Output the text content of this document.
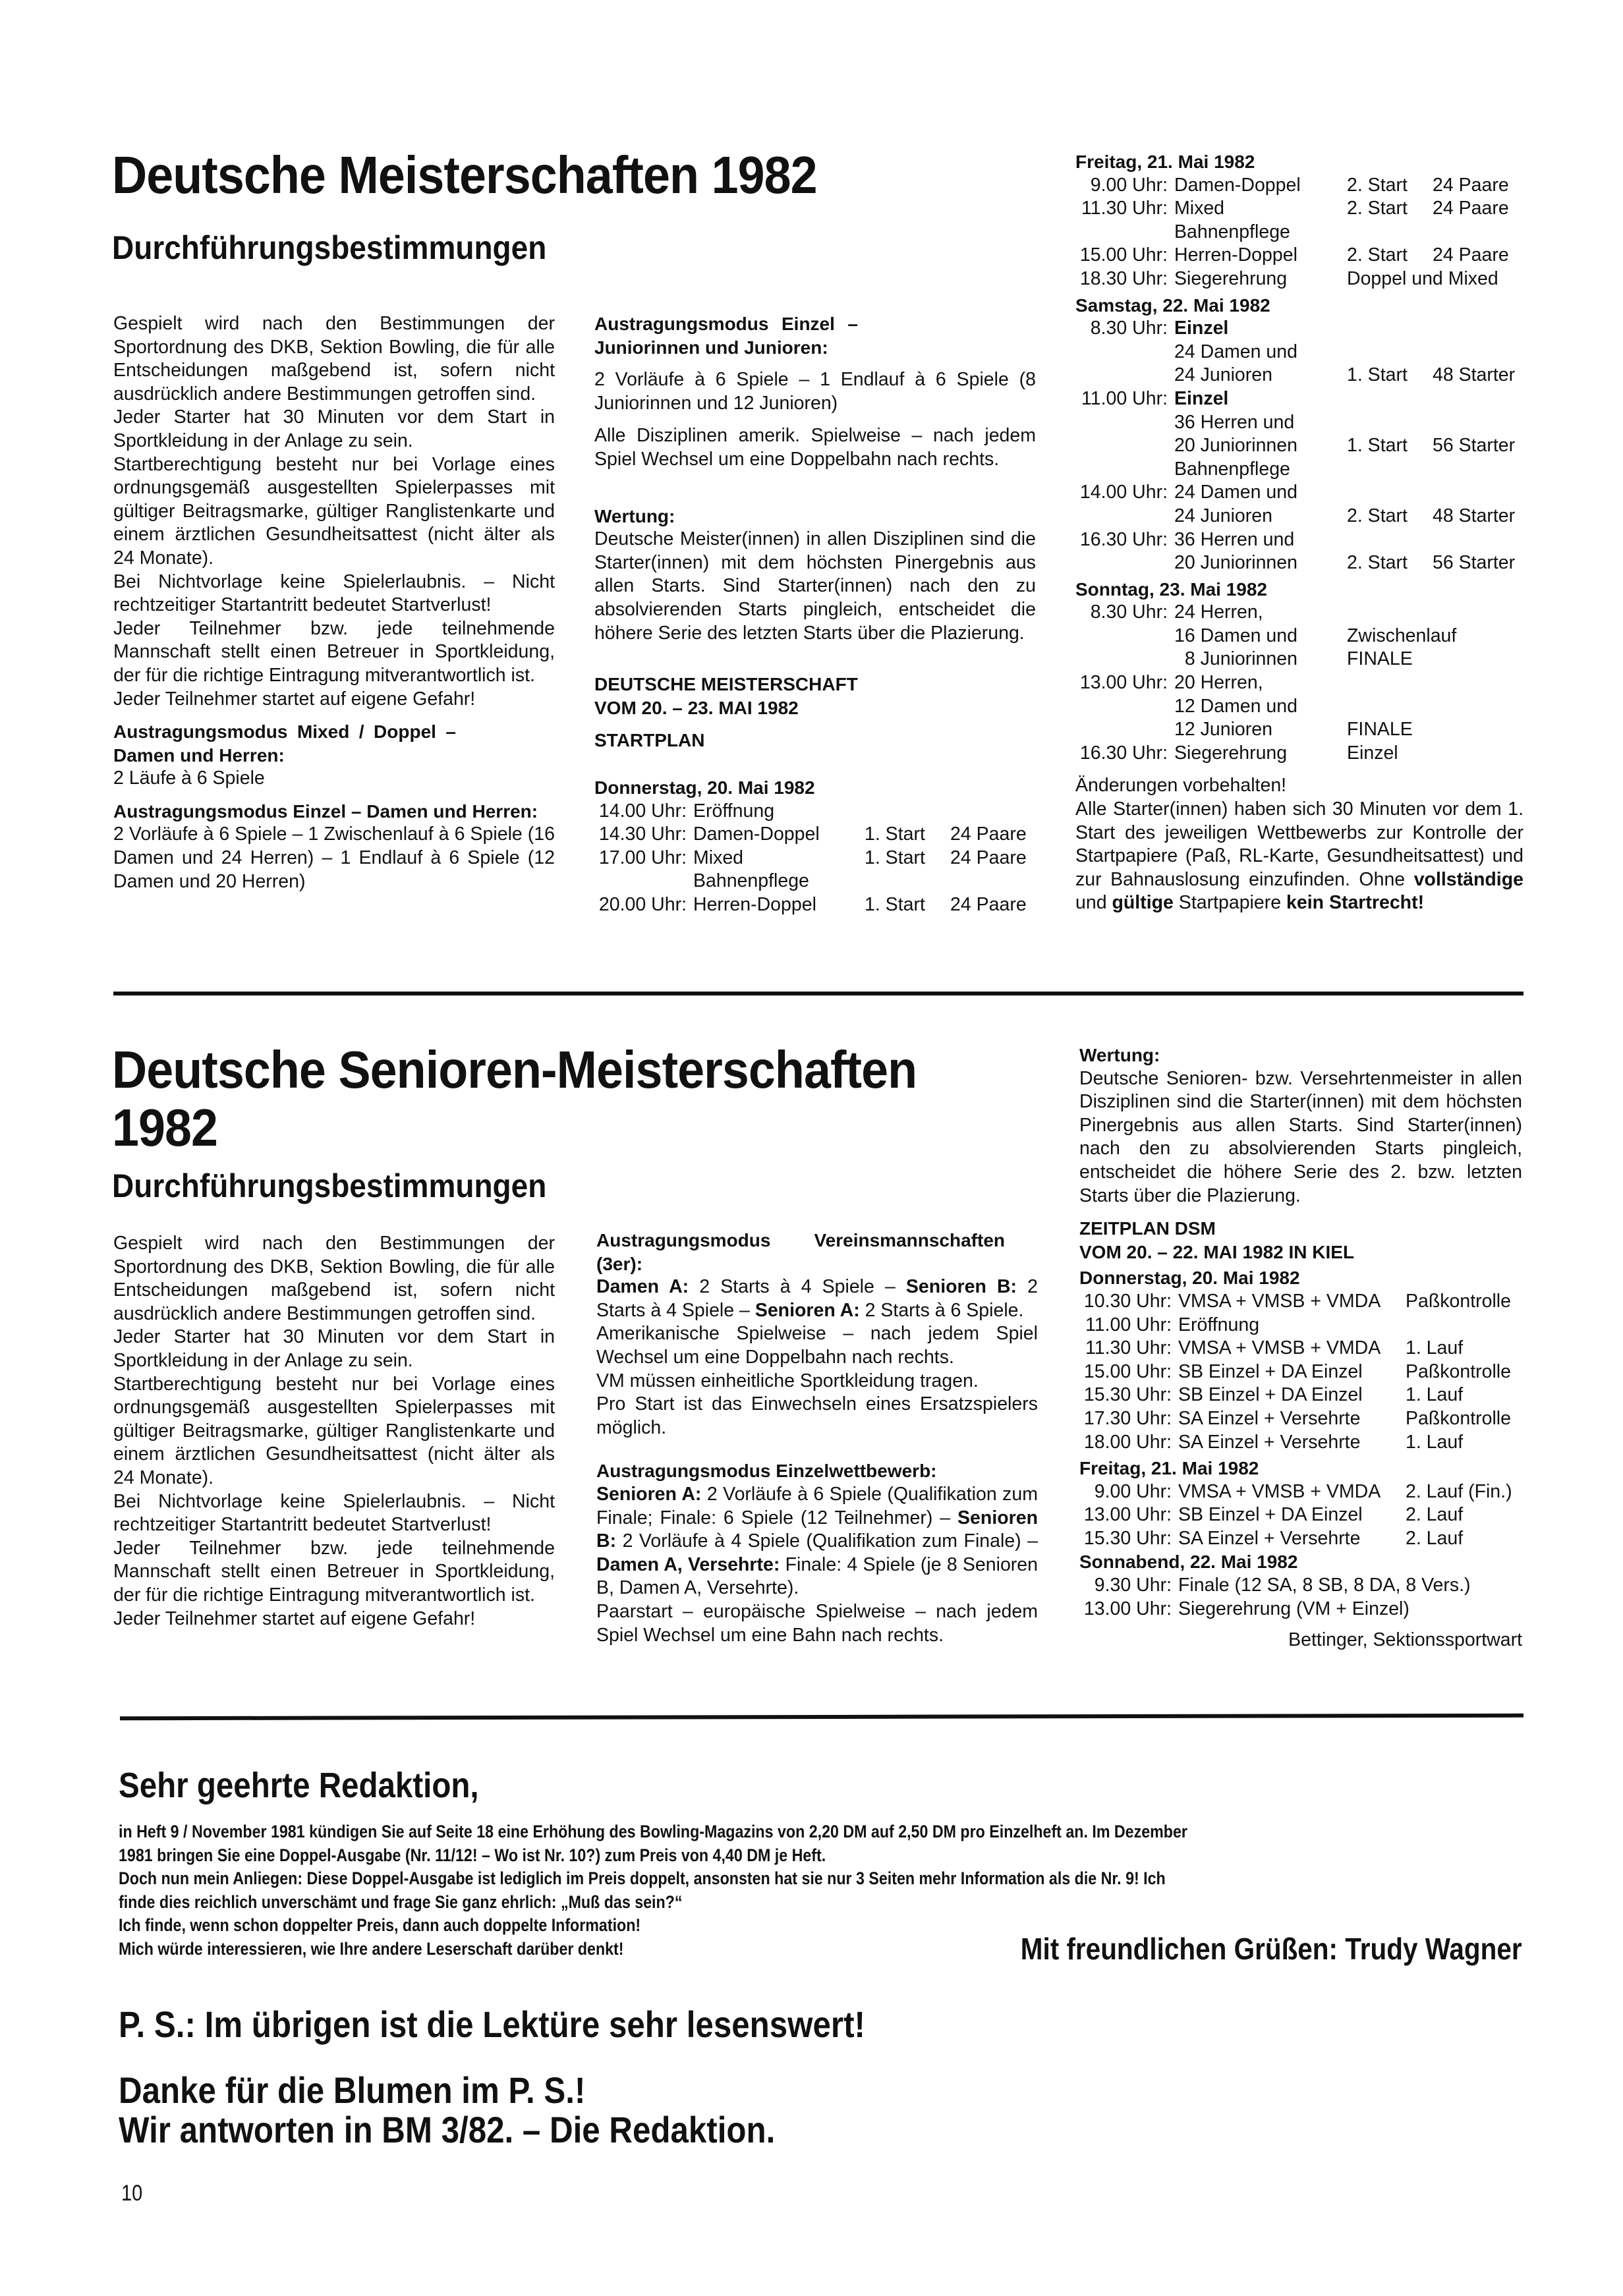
Deutsche Meisterschaften 1982
Durchführungsbestimmungen

Gespielt wird nach den Bestimmungen der Sportordnung des DKB, Sektion Bowling, die für alle Entscheidungen maßgebend ist, sofern nicht ausdrücklich andere Bestimmungen getroffen sind.

Jeder Starter hat 30 Minuten vor dem Start in Sportkleidung in der Anlage zu sein.

Startberechtigung besteht nur bei Vorlage eines ordnungsgemäß ausgestellten Spielerpasses mit gültiger Beitragsmarke, gültiger Ranglistenkarte und einem ärztlichen Gesundheitsattest (nicht älter als 24 Monate).

Bei Nichtvorlage keine Spielerlaubnis. – Nicht rechtzeitiger Startantritt bedeutet Startverlust!

Jeder Teilnehmer bzw. jede teilnehmende Mannschaft stellt einen Betreuer in Sportkleidung, der für die richtige Eintragung mitverantwortlich ist.

Jeder Teilnehmer startet auf eigene Gefahr!

Austragungsmodus Mixed / Doppel – Damen und Herren:

2 Läufe à 6 Spiele

Austragungsmodus Einzel – Damen und Herren:

2 Vorläufe à 6 Spiele – 1 Zwischenlauf à 6 Spiele (16 Damen und 24 Herren) – 1 Endlauf à 6 Spiele (12 Damen und 20 Herren)

Austragungsmodus Einzel – Juniorinnen und Junioren:

2 Vorläufe à 6 Spiele – 1 Endlauf à 6 Spiele (8 Juniorinnen und 12 Junioren)

Alle Disziplinen amerik. Spielweise – nach jedem Spiel Wechsel um eine Doppelbahn nach rechts.

Wertung:

Deutsche Meister(innen) in allen Disziplinen sind die Starter(innen) mit dem höchsten Pinergebnis aus allen Starts. Sind Starter(innen) nach den zu absolvierenden Starts pingleich, entscheidet die höhere Serie des letzten Starts über die Plazierung.

DEUTSCHE MEISTERSCHAFT

VOM 20. – 23. MAI 1982

STARTPLAN

Donnerstag, 20. Mai 1982

14.00 Uhr: Eröffnung
14.30 Uhr: Damen-Doppel	1. Start	24 Paare
17.00 Uhr: Mixed	1. Start	24 Paare
Bahnenpflege
20.00 Uhr: Herren-Doppel	1. Start	24 Paare

Freitag, 21. Mai 1982

9.00 Uhr: Damen-Doppel	2. Start	24 Paare
11.30 Uhr: Mixed	2. Start	24 Paare
Bahnenpflege
15.00 Uhr: Herren-Doppel	2. Start	24 Paare
18.30 Uhr: Siegerehrung	Doppel und Mixed

Samstag, 22. Mai 1982

8.30 Uhr: Einzel
24 Damen und
24 Junioren	1. Start	48 Starter
11.00 Uhr: Einzel
36 Herren und
20 Juniorinnen	1. Start	56 Starter
Bahnenpflege
14.00 Uhr: 24 Damen und
24 Junioren	2. Start	48 Starter
16.30 Uhr: 36 Herren und
20 Juniorinnen	2. Start	56 Starter

Sonntag, 23. Mai 1982

8.30 Uhr: 24 Herren,
16 Damen und	Zwischenlauf
8 Juniorinnen	FINALE
13.00 Uhr: 20 Herren,
12 Damen und
12 Junioren	FINALE
16.30 Uhr: Siegerehrung	Einzel

Änderungen vorbehalten!

Alle Starter(innen) haben sich 30 Minuten vor dem 1. Start des jeweiligen Wettbewerbs zur Kontrolle der Startpapiere (Paß, RL-Karte, Gesundheitsattest) und zur Bahnauslosung einzufinden. Ohne vollständige und gültige Startpapiere kein Startrecht!

Deutsche Senioren-Meisterschaften
1982
Durchführungsbestimmungen

Gespielt wird nach den Bestimmungen der Sportordnung des DKB, Sektion Bowling, die für alle Entscheidungen maßgebend ist, sofern nicht ausdrücklich andere Bestimmungen getroffen sind.

Jeder Starter hat 30 Minuten vor dem Start in Sportkleidung in der Anlage zu sein.

Startberechtigung besteht nur bei Vorlage eines ordnungsgemäß ausgestellten Spielerpasses mit gültiger Beitragsmarke, gültiger Ranglistenkarte und einem ärztlichen Gesundheitsattest (nicht älter als 24 Monate).

Bei Nichtvorlage keine Spielerlaubnis. – Nicht rechtzeitiger Startantritt bedeutet Startverlust!

Jeder Teilnehmer bzw. jede teilnehmende Mannschaft stellt einen Betreuer in Sportkleidung, der für die richtige Eintragung mitverantwortlich ist.

Jeder Teilnehmer startet auf eigene Gefahr!

Austragungsmodus Vereinsmannschaften (3er):

Damen A: 2 Starts à 4 Spiele – Senioren B: 2 Starts à 4 Spiele – Senioren A: 2 Starts à 6 Spiele.

Amerikanische Spielweise – nach jedem Spiel Wechsel um eine Doppelbahn nach rechts.

VM müssen einheitliche Sportkleidung tragen.

Pro Start ist das Einwechseln eines Ersatzspielers möglich.

Austragungsmodus Einzelwettbewerb:

Senioren A: 2 Vorläufe à 6 Spiele (Qualifikation zum Finale; Finale: 6 Spiele (12 Teilnehmer) – Senioren B: 2 Vorläufe à 4 Spiele (Qualifikation zum Finale) – Damen A, Versehrte: Finale: 4 Spiele (je 8 Senioren B, Damen A, Versehrte).

Paarstart – europäische Spielweise – nach jedem Spiel Wechsel um eine Bahn nach rechts.

Wertung:

Deutsche Senioren- bzw. Versehrtenmeister in allen Disziplinen sind die Starter(innen) mit dem höchsten Pinergebnis aus allen Starts. Sind Starter(innen) nach den zu absolvierenden Starts pingleich, entscheidet die höhere Serie des 2. bzw. letzten Starts über die Plazierung.

ZEITPLAN DSM

VOM 20. – 22. MAI 1982 IN KIEL

Donnerstag, 20. Mai 1982

10.30 Uhr: VMSA + VMSB + VMDA	Paßkontrolle
11.00 Uhr: Eröffnung
11.30 Uhr: VMSA + VMSB + VMDA	1. Lauf
15.00 Uhr: SB Einzel + DA Einzel	Paßkontrolle
15.30 Uhr: SB Einzel + DA Einzel	1. Lauf
17.30 Uhr: SA Einzel + Versehrte	Paßkontrolle
18.00 Uhr: SA Einzel + Versehrte	1. Lauf

Freitag, 21. Mai 1982

9.00 Uhr: VMSA + VMSB + VMDA	2. Lauf (Fin.)
13.00 Uhr: SB Einzel + DA Einzel	2. Lauf
15.30 Uhr: SA Einzel + Versehrte	2. Lauf

Sonnabend, 22. Mai 1982

9.30 Uhr: Finale (12 SA, 8 SB, 8 DA, 8 Vers.)
13.00 Uhr: Siegerehrung (VM + Einzel)

Bettinger, Sektionssportwart

Sehr geehrte Redaktion,
in Heft 9 / November 1981 kündigen Sie auf Seite 18 eine Erhöhung des Bowling-Magazins von 2,20 DM auf 2,50 DM pro Einzelheft an. Im Dezember
1981 bringen Sie eine Doppel-Ausgabe (Nr. 11/12! – Wo ist Nr. 10?) zum Preis von 4,40 DM je Heft.
Doch nun mein Anliegen: Diese Doppel-Ausgabe ist lediglich im Preis doppelt, ansonsten hat sie nur 3 Seiten mehr Information als die Nr. 9! Ich
finde dies reichlich unverschämt und frage Sie ganz ehrlich: „Muß das sein?“
Ich finde, wenn schon doppelter Preis, dann auch doppelte Information!
Mich würde interessieren, wie Ihre andere Leserschaft darüber denkt!	Mit freundlichen Grüßen: Trudy Wagner
P. S.: Im übrigen ist die Lektüre sehr lesenswert!
Danke für die Blumen im P. S.!
Wir antworten in BM 3/82. – Die Redaktion.
10
